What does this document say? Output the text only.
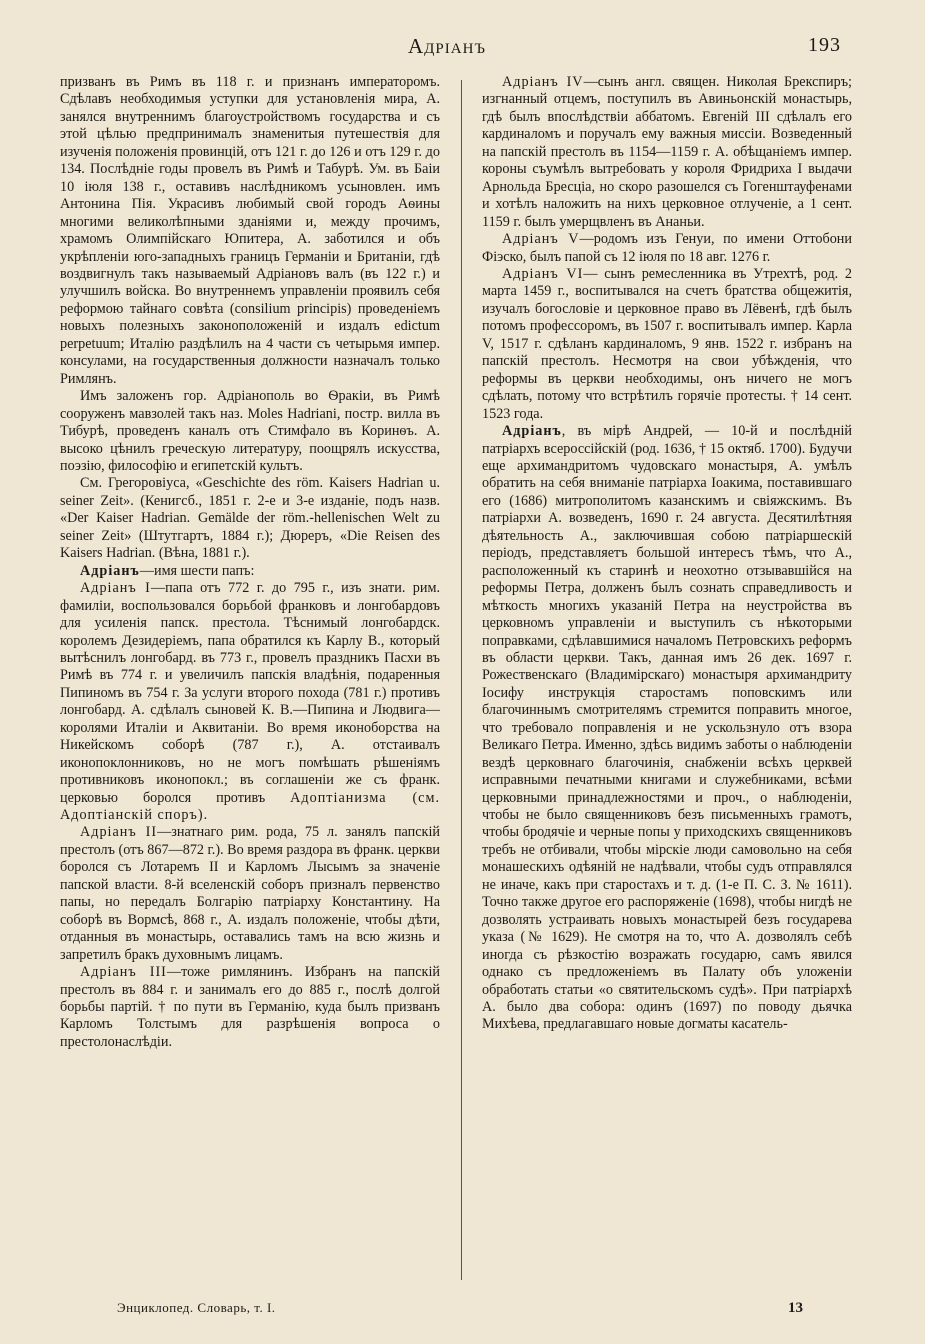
Адріанъ	193

призванъ въ Римъ въ 118 г. и признанъ императоромъ. Сдѣлавъ необходимыя уступки для установленія мира, А. занялся внутреннимъ благоустройствомъ государства и съ этой цѣлью предпринималъ знаменитыя путешествія для изученія положенія провинцій, отъ 121 г. до 126 и отъ 129 г. до 134. Послѣдніе годы провелъ въ Римѣ и Табурѣ. Ум. въ Баіи 10 іюля 138 г., оставивъ наслѣдникомъ усыновлен. имъ Антонина Пія. Украсивъ любимый свой городъ Аѳины многими великолѣпными зданіями и, между прочимъ, храмомъ Олимпійскаго Юпитера, А. заботился и объ укрѣпленіи юго-западныхъ границъ Германіи и Британіи, гдѣ воздвигнулъ такъ называемый Адріановъ валъ (въ 122 г.) и улучшилъ войска. Во внутреннемъ управленіи проявилъ себя реформою тайнаго совѣта (consilium principis) проведеніемъ новыхъ полезныхъ законоположеній и издалъ edictum perpetuum; Италію раздѣлилъ на 4 части съ четырьмя импер. консулами, на государственныя должности назначалъ только Римлянъ.

Имъ заложенъ гор. Адріанополь во Ѳракіи, въ Римѣ сооруженъ мавзолей такъ наз. Moles Hadriani, постр. вилла въ Тибурѣ, проведенъ каналъ отъ Стимфало въ Коринѳъ. А. высоко цѣнилъ греческую литературу, поощрялъ искусства, поэзію, философію и египетскій культъ.

См. Грегоровіуса, «Geschichte des röm. Kaisers Hadrian u. seiner Zeit». (Кенигсб., 1851 г. 2-е и 3-е изданіе, подъ назв. «Der Kaiser Hadrian. Gemälde der röm.-hellenischen Welt zu seiner Zeit» (Штутгартъ, 1884 г.); Дюреръ, «Die Reisen des Kaisers Hadrian. (Вѣна, 1881 г.).

Адріанъ—имя шести папъ:

Адріанъ I—папа отъ 772 г. до 795 г., изъ знати. рим. фамиліи, воспользовался борьбой франковъ и лонгобардовъ для усиленія папск. престола. Тѣснимый лонгобардск. королемъ Дезидеріемъ, папа обратился къ Карлу В., который вытѣснилъ лонгобард. въ 773 г., провелъ праздникъ Пасхи въ Римѣ въ 774 г. и увеличилъ папскія владѣнія, подаренныя Пипиномъ въ 754 г. За услуги второго похода (781 г.) противъ лонгобард. А. сдѣлалъ сыновей К. В.—Пипина и Людвига—королями Италіи и Аквитаніи. Во время иконоборства на Никейскомъ соборѣ (787 г.), А. отстаивалъ иконопоклонниковъ, но не могъ помѣшать рѣшеніямъ противниковъ иконопокл.; въ соглашеніи же съ франк. церковью боролся противъ Адоптіанизма (см. Адоптіанскій споръ).

Адріанъ II—знатнаго рим. рода, 75 л. занялъ папскій престолъ (отъ 867—872 г.). Во время раздора въ франк. церкви боролся съ Лотаремъ II и Карломъ Лысымъ за значеніе папской власти. 8-й вселенскій соборъ призналъ первенство папы, но передалъ Болгарію патріарху Константину. На соборѣ въ Вормсѣ, 868 г., А. издалъ положеніе, чтобы дѣти, отданныя въ монастырь, оставались тамъ на всю жизнь и запретилъ бракъ духовнымъ лицамъ.

Адріанъ III—тоже римлянинъ. Избранъ на папскій престолъ въ 884 г. и занималъ его до 885 г., послѣ долгой борьбы партій. † по пути въ Германію, куда былъ призванъ Карломъ Толстымъ для разрѣшенія вопроса о престолонаслѣдіи.

Адріанъ IV—сынъ англ. священ. Николая Брекспиръ; изгнанный отцемъ, поступилъ въ Авиньонскій монастырь, гдѣ былъ впослѣдствіи аббатомъ. Евгеній III сдѣлалъ его кардиналомъ и поручалъ ему важныя миссіи. Возведенный на папскій престолъ въ 1154—1159 г. А. обѣщаніемъ импер. короны съумѣлъ вытребовать у короля Фридриха I выдачи Арнольда Бресціа, но скоро разошелся съ Гогенштауфенами и хотѣлъ наложить на нихъ церковное отлученіе, а 1 сент. 1159 г. былъ умерщвленъ въ Ананьи.

Адріанъ V—родомъ изъ Генуи, по имени Оттобони Фіэско, былъ папой съ 12 іюля по 18 авг. 1276 г.

Адріанъ VI— сынъ ремесленника въ Утрехтѣ, род. 2 марта 1459 г., воспитывался на счетъ братства общежитія, изучалъ богословіе и церковное право въ Лёвенѣ, гдѣ былъ потомъ профессоромъ, въ 1507 г. воспитывалъ импер. Карла V, 1517 г. сдѣланъ кардиналомъ, 9 янв. 1522 г. избранъ на папскій престолъ. Несмотря на свои убѣжденія, что реформы въ церкви необходимы, онъ ничего не могъ сдѣлать, потому что встрѣтилъ горячіе протесты. † 14 сент. 1523 года.

Адріанъ, въ мірѣ Андрей, — 10-й и послѣдній патріархъ всероссійскій (род. 1636, † 15 октяб. 1700). Будучи еще архимандритомъ чудовскаго монастыря, А. умѣлъ обратить на себя вниманіе патріарха Іоакима, поставившаго его (1686) митрополитомъ казанскимъ и свіяжскимъ. Въ патріархи А. возведенъ, 1690 г. 24 августа. Десятилѣтняя дѣятельность А., заключившая собою патріаршескій періодъ, представляетъ большой интересъ тѣмъ, что А., расположенный къ старинѣ и неохотно отзывавшійся на реформы Петра, долженъ былъ сознать справедливость и мѣткость многихъ указаній Петра на неустройства въ церковномъ управленіи и выступилъ съ нѣкоторыми поправками, сдѣлавшимися началомъ Петровскихъ реформъ въ области церкви. Такъ, данная имъ 26 дек. 1697 г. Рожественскаго (Владимірскаго) монастыря архимандриту Іосифу инструкція старостамъ поповскимъ или благочиннымъ смотрителямъ стремится поправить многое, что требовало поправленія и не ускользнуло отъ взора Великаго Петра. Именно, здѣсь видимъ заботы о наблюденіи вездѣ церковнаго благочинія, снабженіи всѣхъ церквей исправными печатными книгами и служебниками, всѣми церковными принадлежностями и проч., о наблюденіи, чтобы не было священниковъ безъ письменныхъ грамотъ, чтобы бродячіе и черные попы у приходскихъ священниковъ требъ не отбивали, чтобы мірскіе люди самовольно на себя монашескихъ одѣяній не надѣвали, чтобы судъ отправлялся не иначе, какъ при старостахъ и т. д. (1-е П. С. З. № 1611). Точно также другое его распоряженіе (1698), чтобы нигдѣ не дозволять устраивать новыхъ монастырей безъ государева указа (№ 1629). Не смотря на то, что А. дозволялъ себѣ иногда съ рѣзкостію возражать государю, самъ явился однако съ предложеніемъ въ Палату объ уложеніи обработать статьи «о святительскомъ судѣ». При патріархѣ А. было два собора: одинъ (1697) по поводу дьячка Михѣева, предлагавшаго новые догматы касатель-

Энциклопед. Словарь, т. I.	13
